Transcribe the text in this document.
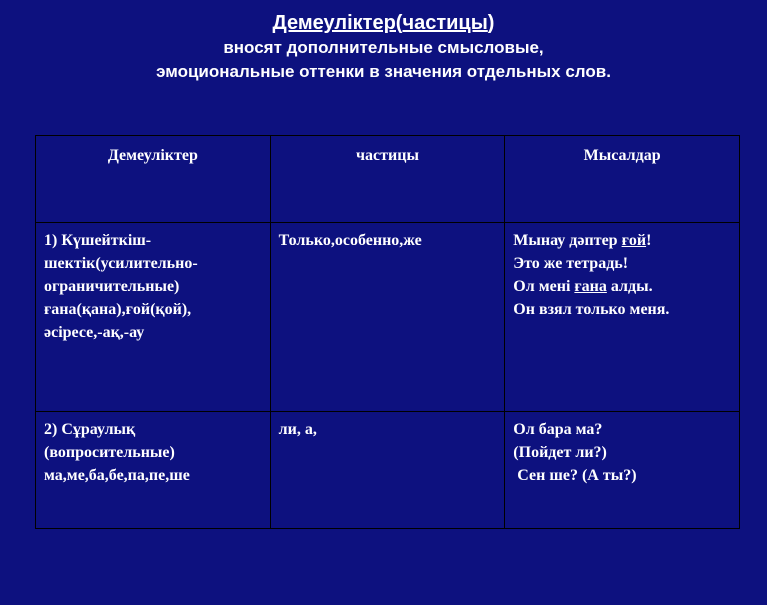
Демеуліктер(частицы)
вносят дополнительные смысловые,
эмоциональные оттенки в значения отдельных слов.
Демеуліктер	частицы	Мысалдар

1) Күшейткіш-
шектік(усилительно-
ограничительные)
ғана(қана),ғой(қой),
әсіресе,-ақ,-ау	Только,особенно,же	Мынау дәптер ғой!
Это же тетрадь!
Ол мені ғана алды.
Он взял только меня.

2) Сұраулық
(вопросительные)
ма,ме,ба,бе,па,пе,ше	ли, а,	Ол бара ма?
(Пойдет ли?)
Сен ше? (А ты?)
